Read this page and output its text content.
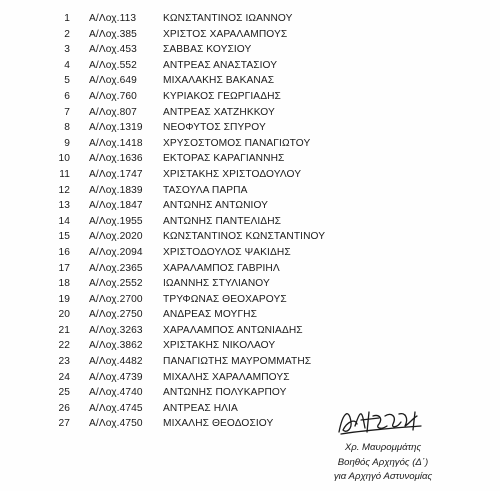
1 Α/Λοχ.113	ΚΩΝΣΤΑΝΤΙΝΟΣ ΙΩΑΝΝΟΥ
2 Α/Λοχ.385	ΧΡΙΣΤΟΣ ΧΑΡΑΛΑΜΠΟΥΣ
3 Α/Λοχ.453	ΣΑΒΒΑΣ ΚΟΥΣΙΟΥ
4 Α/Λοχ.552	ΑΝΤΡΕΑΣ ΑΝΑΣΤΑΣΙΟΥ
5 Α/Λοχ.649	ΜΙΧΑΛΑΚΗΣ ΒΑΚΑΝΑΣ
6 Α/Λοχ.760	ΚΥΡΙΑΚΟΣ ΓΕΩΡΓΙΑΔΗΣ
7 Α/Λοχ.807	ΑΝΤΡΕΑΣ ΧΑΤΖΗΚΚΟΥ
8 Α/Λοχ.1319 ΝΕΟΦΥΤΟΣ ΣΠΥΡΟΥ
9 Α/Λοχ.1418 ΧΡΥΣΟΣΤΟΜΟΣ ΠΑΝΑΓΙΩΤΟΥ
10 Α/Λοχ.1636 ΕΚΤΟΡΑΣ ΚΑΡΑΓΙΑΝΝΗΣ
11 Α/Λοχ.1747 ΧΡΙΣΤΑΚΗΣ ΧΡΙΣΤΟΔΟΥΛΟΥ
12 Α/Λοχ.1839 ΤΑΣΟΥΛΑ ΠΑΡΠΑ
13 Α/Λοχ.1847 ΑΝΤΩΝΗΣ ΑΝΤΩΝΙΟΥ
14 Α/Λοχ.1955 ΑΝΤΩΝΗΣ ΠΑΝΤΕΛΙΔΗΣ
15 Α/Λοχ.2020 ΚΩΝΣΤΑΝΤΙΝΟΣ ΚΩΝΣΤΑΝΤΙΝΟΥ
16 Α/Λοχ.2094 ΧΡΙΣΤΟΔΟΥΛΟΣ ΨΑΚΙΔΗΣ
17 Α/Λοχ.2365 ΧΑΡΑΛΑΜΠΟΣ ΓΑΒΡΙΗΛ
18 Α/Λοχ.2552 ΙΩΑΝΝΗΣ ΣΤΥΛΙΑΝΟΥ
19 Α/Λοχ.2700 ΤΡΥΦΩΝΑΣ ΘΕΟΧΑΡΟΥΣ
20 Α/Λοχ.2750 ΑΝΔΡΕΑΣ ΜΟΥΓΗΣ
21 Α/Λοχ.3263 ΧΑΡΑΛΑΜΠΟΣ ΑΝΤΩΝΙΑΔΗΣ
22 Α/Λοχ.3862 ΧΡΙΣΤΑΚΗΣ ΝΙΚΟΛΑΟΥ
23 Α/Λοχ.4482 ΠΑΝΑΓΙΩΤΗΣ ΜΑΥΡΟΜΜΑΤΗΣ
24 Α/Λοχ.4739 ΜΙΧΑΛΗΣ ΧΑΡΑΛΑΜΠΟΥΣ
25 Α/Λοχ.4740 ΑΝΤΩΝΗΣ ΠΟΛΥΚΑΡΠΟΥ
26 Α/Λοχ.4745 ΑΝΤΡΕΑΣ ΗΛΙΑ
27 Α/Λοχ.4750 ΜΙΧΑΛΗΣ ΘΕΟΔΟΣΙΟΥ
Χρ. Μαυρομμάτης
Βοηθός Αρχηγός (Δ΄)
για Αρχηγό Αστυνομίας
